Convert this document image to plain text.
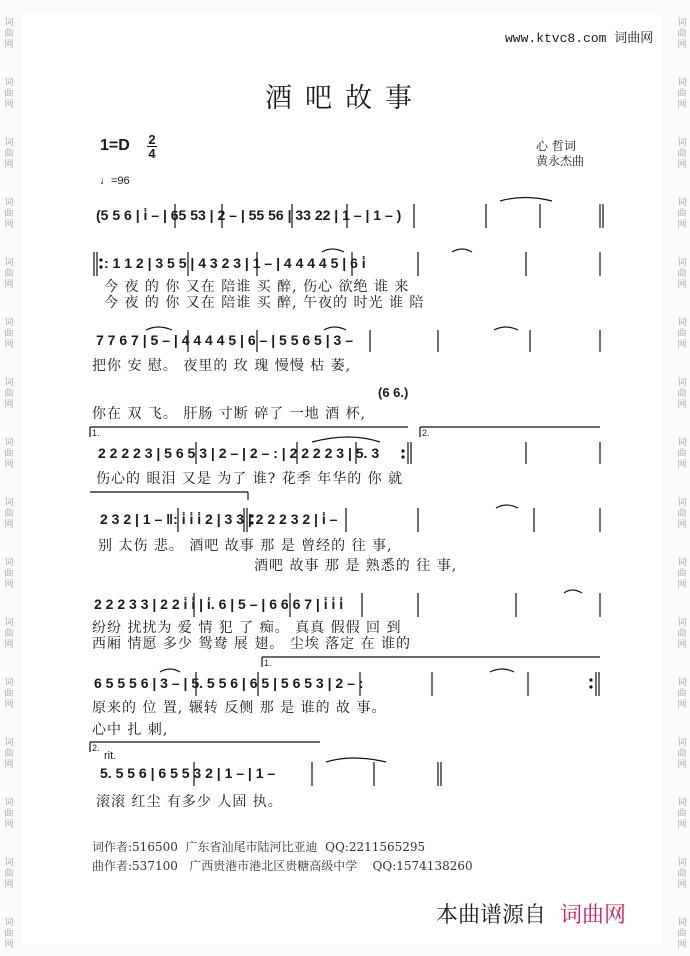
词
曲
网
词
曲
网
词
曲
网
词
曲
网
词
曲
网
词
曲
网
词
曲
网
词
曲
网
词
曲
网
词
曲
网
词
曲
网
词
曲
网
词
曲
网
词
曲
网
词
曲
网
词
曲
网
词
曲
网
词
曲
网
词
曲
网
词
曲
网
词
曲
网
词
曲
网
词
曲
网
词
曲
网
词
曲
网
词
曲
网
词
曲
网
词
曲
网
词
曲
网
词
曲
网
词
曲
网
词
曲
网
www.ktvc8.com 词曲网
酒吧故事
1=D 2
4
♩=96
心 哲词
黄永杰曲
(5 5 6 | i̇ – | 65 53 | 2 – | 55 56 | 33 22 | 1 – | 1 – )
: 1 1 2 | 3 5 5 | 4 3 2 3 | 1 – | 4 4 4 4 5 | 6 i̇
今 夜 的 你 又在 陪谁 买 醉, 伤心 欲绝 谁 来
今 夜 的 你 又在 陪谁 买 醉, 午夜的 时光 谁 陪
7 7 6 7 | 5 – | 4 4 4 4 5 | 6 – | 5 5 6 5 | 3 –
把你 安 慰。 夜里的 玫 瑰 慢慢 枯 萎,
(6 6.)
你在 双 飞。 肝肠 寸断 碎了 一地 酒 杯,
1.	2.
2 2 2 2 3 | 5 6 5 3 | 2 – | 2 – : | 2 2 2 2 3 | 5. 3
伤心的 眼泪 又是 为了 谁? 花季 年华的 你 就
2 3 2 | 1 – ‖: i̇ i̇ i̇ 2 | 3 3 | 2 2 2 3 2 | i̇ –
别 太伤 悲。 酒吧 故事 那 是 曾经的 往 事,
酒吧 故事 那 是 熟悉的 往 事,
2 2 2 3 3 | 2 2 i̇ i̇ | i̇. 6 | 5 – | 6 6 6 7 | i̇ i̇ i̇
纷纷 扰扰为 爱 情 犯 了 痴。 真真 假假 回 到
西厢 情愿 多少 鸳鸯 展 翅。 尘埃 落定 在 谁的
1.
6 5 5 5 6 | 3 – | 5. 5 5 6 | 6 5 | 5 6 5 3 | 2 – :
原来的 位 置, 辗转 反侧 那 是 谁的 故 事。
心中 扎 刺,
2.
rit.
5. 5 5 6 | 6 5 5 3 2 | 1 – | 1 –
滚滚 红尘 有多少 人固 执。
词作者:516500  广东省汕尾市陆河比亚迪  QQ:2211565295
曲作者:537100   广西贵港市港北区贵糖高级中学    QQ:1574138260
本曲谱源自 词曲网
